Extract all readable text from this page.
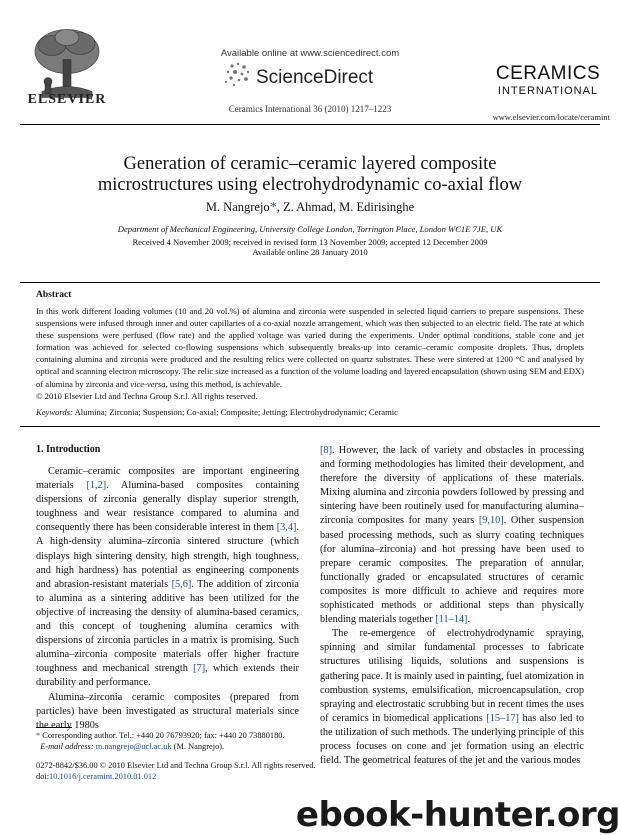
ELSEVIER
Available online at www.sciencedirect.com
ScienceDirect
Ceramics International 36 (2010) 1217–1223
CERAMICS
INTERNATIONAL
www.elsevier.com/locate/ceramint
Generation of ceramic–ceramic layered composite
microstructures using electrohydrodynamic co-axial flow
M. Nangrejo*, Z. Ahmad, M. Edirisinghe
Department of Mechanical Engineering, University College London, Torrington Place, London WC1E 7JE, UK
Received 4 November 2009; received in revised form 13 November 2009; accepted 12 December 2009
Available online 28 January 2010
Abstract
In this work different loading volumes (10 and 20 vol.%) of alumina and zirconia were suspended in selected liquid carriers to prepare suspensions. These suspensions were infused through inner and outer capillaries of a co-axial nozzle arrangement, which was then subjected to an electric field. The rate at which these suspensions were perfused (flow rate) and the applied voltage was varied during the experiments. Under optimal conditions, stable cone and jet formation was achieved for selected co-flowing suspensions which subsequently breaks-up into ceramic–ceramic composite droplets. Thus, droplets containing alumina and zirconia were produced and the resulting relics were collected on quartz substrates. These were sintered at 1200 °C and analysed by optical and scanning electron microscopy. The relic size increased as a function of the volume loading and layered encapsulation (shown using SEM and EDX) of alumina by zirconia and vice-versa, using this method, is achievable.
© 2010 Elsevier Ltd and Techna Group S.r.l. All rights reserved.
Keywords: Alumina; Zirconia; Suspension; Co-axial; Composite; Jetting; Electrohydrodynamic; Ceramic
1. Introduction

Ceramic–ceramic composites are important engineering materials [1,2]. Alumina-based composites containing dispersions of zirconia generally display superior strength, toughness and wear resistance compared to alumina and consequently there has been considerable interest in them [3,4]. A high-density alumina–zirconia sintered structure (which displays high sintering density, high strength, high toughness, and high hardness) has potential as engineering components and abrasion-resistant materials [5,6]. The addition of zirconia to alumina as a sintering additive has been utilized for the objective of increasing the density of alumina-based ceramics, and this concept of toughening alumina ceramics with dispersions of zirconia particles in a matrix is promising. Such alumina–zirconia composite materials offer higher fracture toughness and mechanical strength [7], which extends their durability and performance.

Alumina–zirconia ceramic composites (prepared from particles) have been investigated as structural materials since the early 1980s

[8]. However, the lack of variety and obstacles in processing and forming methodologies has limited their development, and therefore the diversity of applications of these materials. Mixing alumina and zirconia powders followed by pressing and sintering have been routinely used for manufacturing alumina–zirconia composites for many years [9,10]. Other suspension based processing methods, such as slurry coating techniques (for alumina–zirconia) and hot pressing have been used to prepare ceramic composites. The preparation of annular, functionally graded or encapsulated structures of ceramic composites is more difficult to achieve and requires more sophisticated methods or additional steps than physically blending materials together [11–14].

The re-emergence of electrohydrodynamic spraying, spinning and similar fundamental processes to fabricate structures utilising liquids, solutions and suspensions is gathering pace. It is mainly used in painting, fuel atomization in combustion systems, emulsification, microencapsulation, crop spraying and electrostatic scrubbing but in recent times the uses of ceramics in biomedical applications [15–17] has also led to the utilization of such methods. The underlying principle of this process focuses on cone and jet formation using an electric field. The geometrical features of the jet and the various modes

* Corresponding author. Tel.: +440 20 76793920; fax: +440 20 73880180.
E-mail address: m.nangrejo@ucl.ac.uk (M. Nangrejo).
0272-8842/$36.00 © 2010 Elsevier Ltd and Techna Group S.r.l. All rights reserved.
doi:10.1016/j.ceramint.2010.01.012
ebook-hunter.org
